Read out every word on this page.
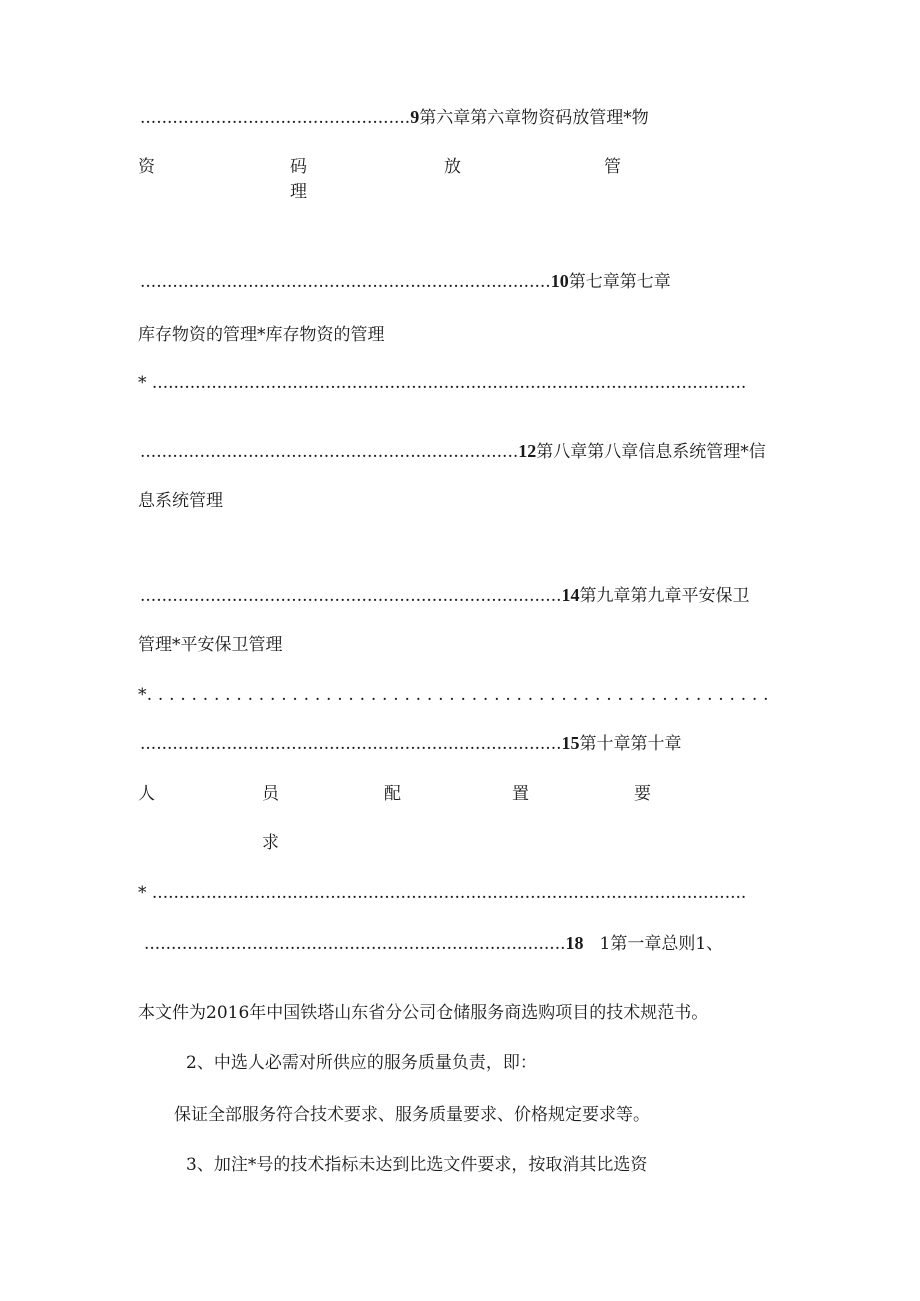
..................................................9第六章第六章物资码放管理*物
资	码	放	管
理
............................................................................10第七章第七章
库存物资的管理*库存物资的管理
* ..............................................................................................................
......................................................................12第八章第八章信息系统管理*信
息系统管理
..............................................................................14第九章第九章平安保卫
管理*平安保卫管理
*. . . . . . . . . . . . . . . . . . . . . . . . . . . . . . . . . . . . . . . . . . . . . . . . . . . . . . . .
..............................................................................15第十章第十章
人	员	配	置	要
求
* ..............................................................................................................
..............................................................................18 1第一章总则1、
本文件为2016年中国铁塔山东省分公司仓储服务商选购项目的技术规范书。
2、中选人必需对所供应的服务质量负责，即：
保证全部服务符合技术要求、服务质量要求、价格规定要求等。
3、加注*号的技术指标未达到比选文件要求，按取消其比选资
